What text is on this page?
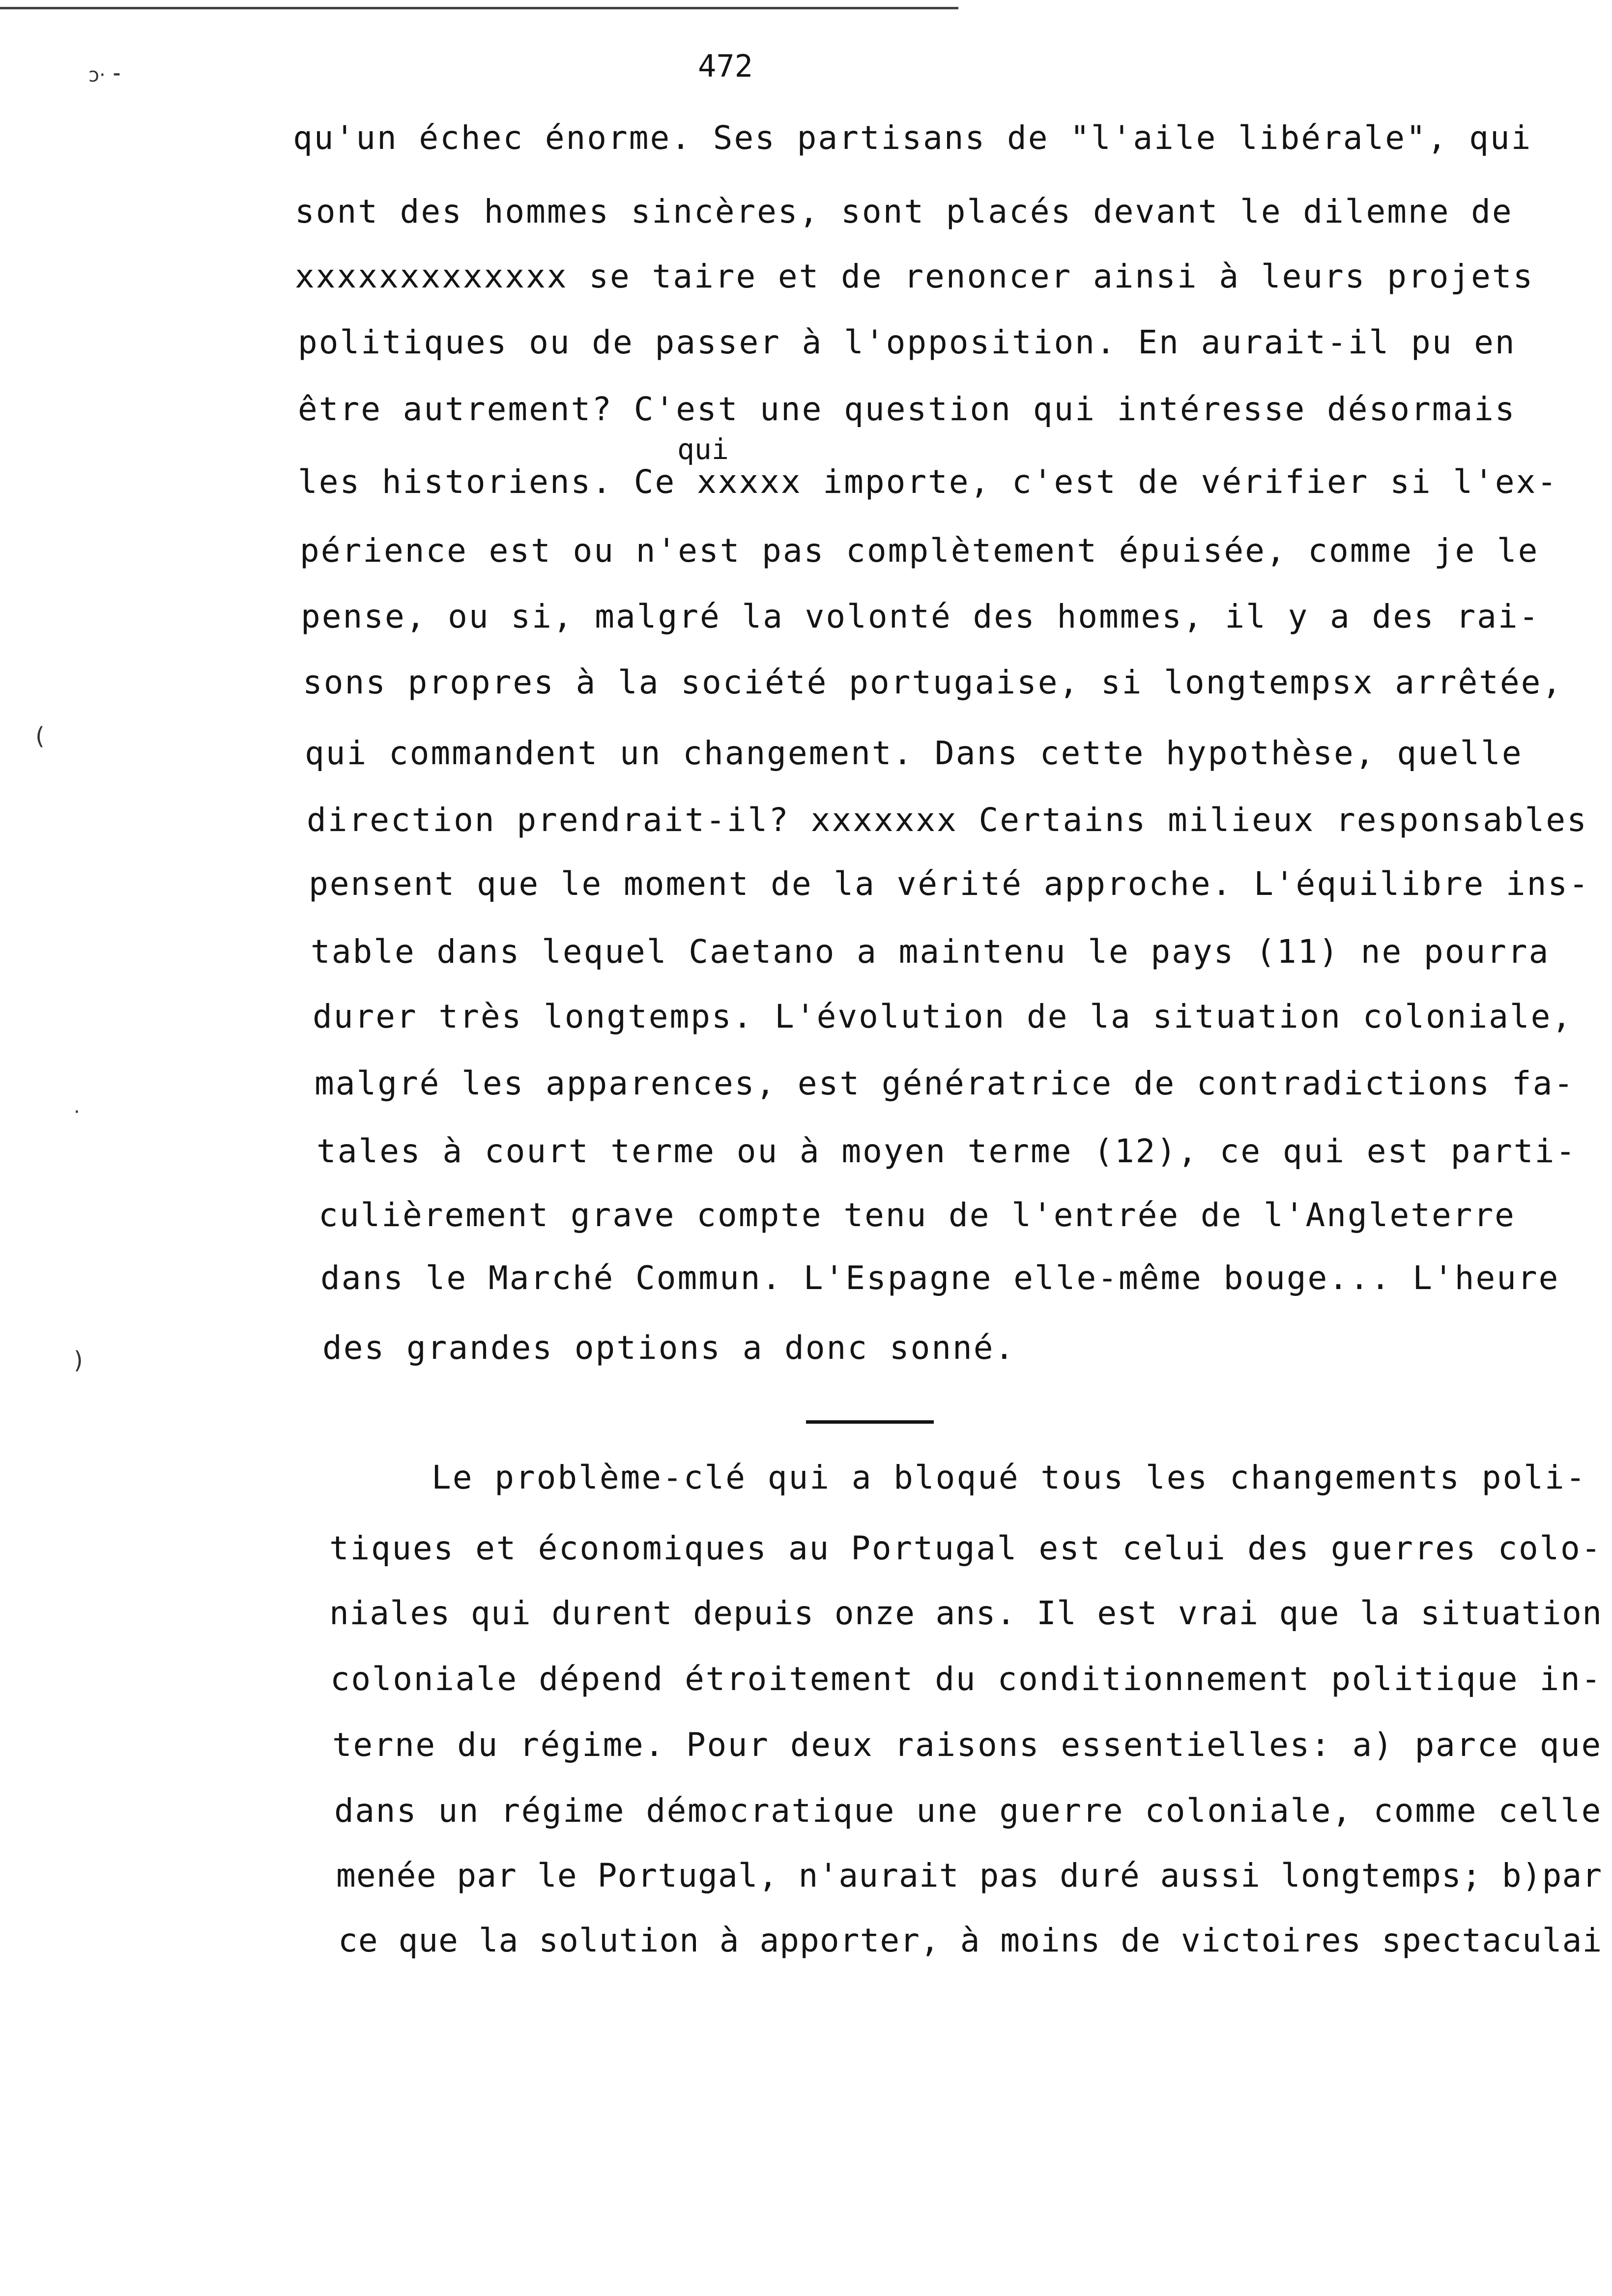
ɔ· ⁃	472
(
·
)
qui
qu'un échec énorme. Ses partisans de "l'aile libérale", qui
sont des hommes sincères, sont placés devant le dilemne de
xxxxxxxxxxxxx se taire et de renoncer ainsi à leurs projets
politiques ou de passer à l'opposition. En aurait-il pu en
être autrement? C'est une question qui intéresse désormais
les historiens. Ce xxxxx importe, c'est de vérifier si l'ex-
périence est ou n'est pas complètement épuisée, comme je le
pense, ou si, malgré la volonté des hommes, il y a des rai-
sons propres à la société portugaise, si longtempsx arrêtée,
qui commandent un changement. Dans cette hypothèse, quelle
direction prendrait-il? xxxxxxx Certains milieux responsables
pensent que le moment de la vérité approche. L'équilibre ins-
table dans lequel Caetano a maintenu le pays (11) ne pourra
durer très longtemps. L'évolution de la situation coloniale,
malgré les apparences, est génératrice de contradictions fa-
tales à court terme ou à moyen terme (12), ce qui est parti-
culièrement grave compte tenu de l'entrée de l'Angleterre
dans le Marché Commun. L'Espagne elle-même bouge... L'heure
des grandes options a donc sonné.
Le problème-clé qui a bloqué tous les changements poli-
tiques et économiques au Portugal est celui des guerres colo-
niales qui durent depuis onze ans. Il est vrai que la situation
coloniale dépend étroitement du conditionnement politique in-
terne du régime. Pour deux raisons essentielles: a) parce que
dans un régime démocratique une guerre coloniale, comme celle
menée par le Portugal, n'aurait pas duré aussi longtemps; b)par
ce que la solution à apporter, à moins de victoires spectaculai
